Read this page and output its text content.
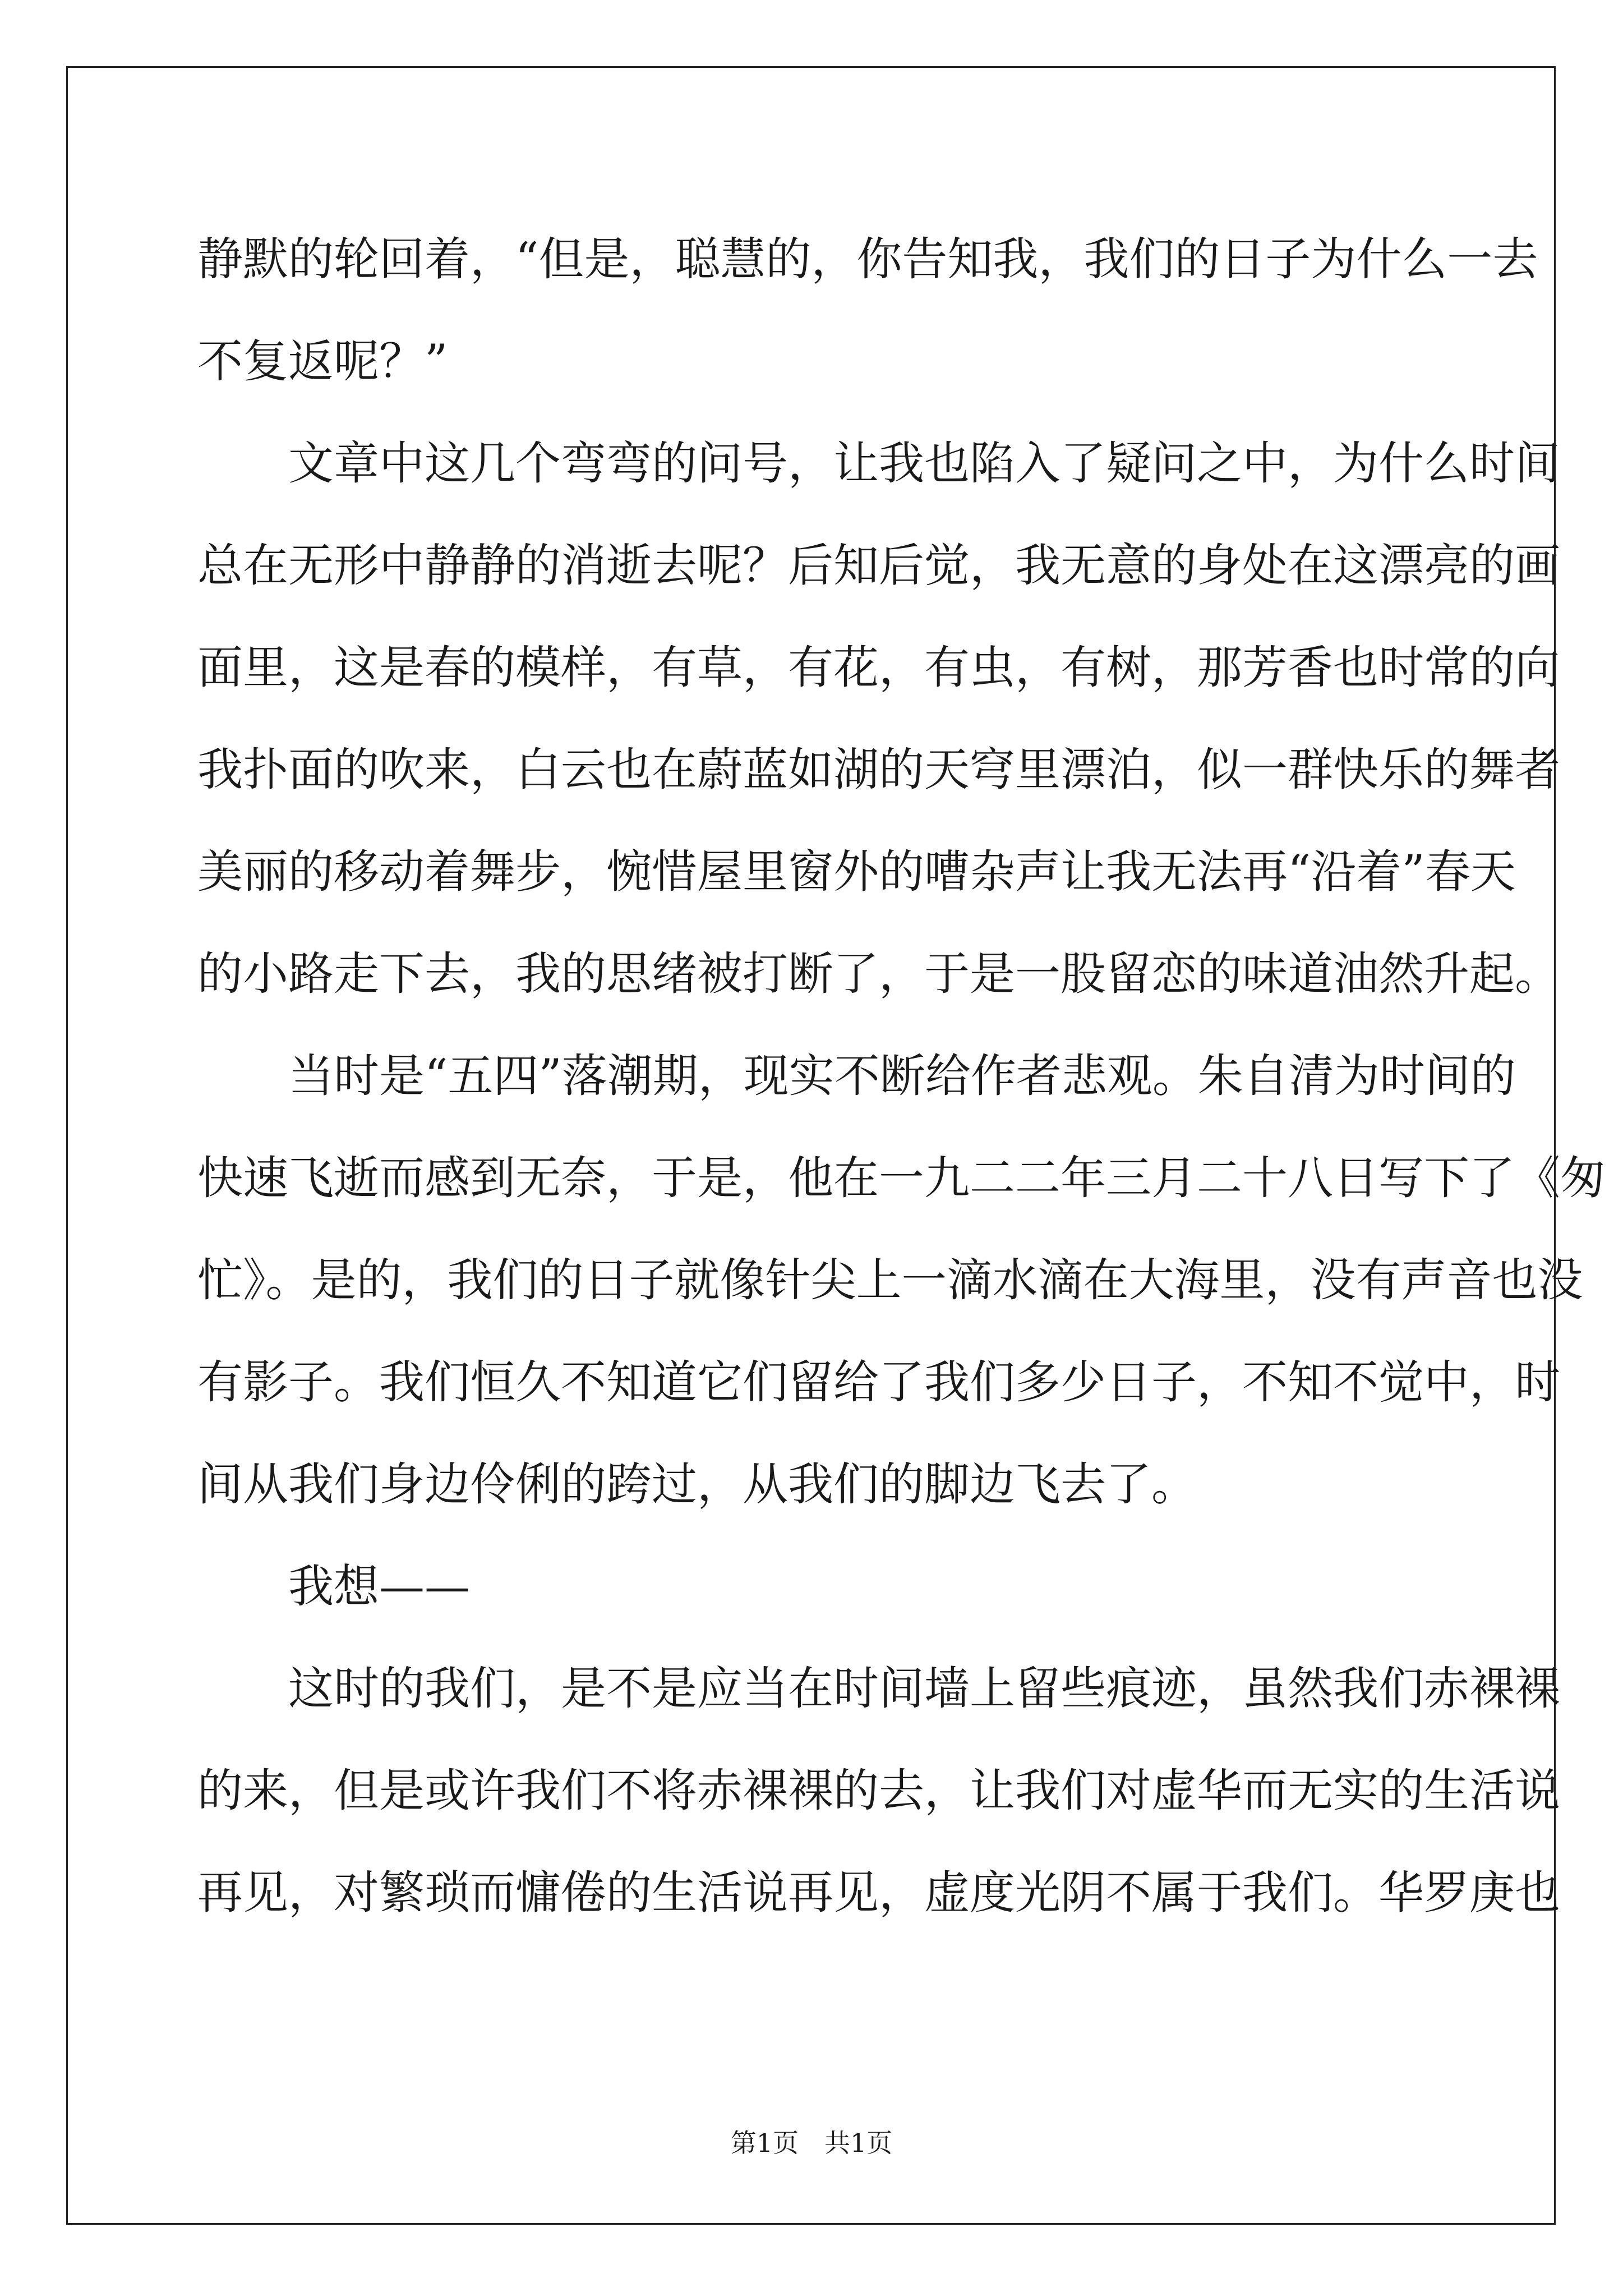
静默的轮回着，“但是，聪慧的，你告知我，我们的日子为什么一去
不复返呢？”
文章中这几个弯弯的问号，让我也陷入了疑问之中，为什么时间
总在无形中静静的消逝去呢？后知后觉，我无意的身处在这漂亮的画
面里，这是春的模样，有草，有花，有虫，有树，那芳香也时常的向
我扑面的吹来，白云也在蔚蓝如湖的天穹里漂泊，似一群快乐的舞者
美丽的移动着舞步，惋惜屋里窗外的嘈杂声让我无法再“沿着”春天
的小路走下去，我的思绪被打断了，于是一股留恋的味道油然升起。
当时是“五四”落潮期，现实不断给作者悲观。朱自清为时间的
快速飞逝而感到无奈，于是，他在一九二二年三月二十八日写下了《匆
忙》。是的，我们的日子就像针尖上一滴水滴在大海里，没有声音也没
有影子。我们恒久不知道它们留给了我们多少日子，不知不觉中，时
间从我们身边伶俐的跨过，从我们的脚边飞去了。
我想——
这时的我们，是不是应当在时间墙上留些痕迹，虽然我们赤裸裸
的来，但是或许我们不将赤裸裸的去，让我们对虚华而无实的生活说
再见，对繁琐而慵倦的生活说再见，虚度光阴不属于我们。华罗庚也
第1页　共1页
